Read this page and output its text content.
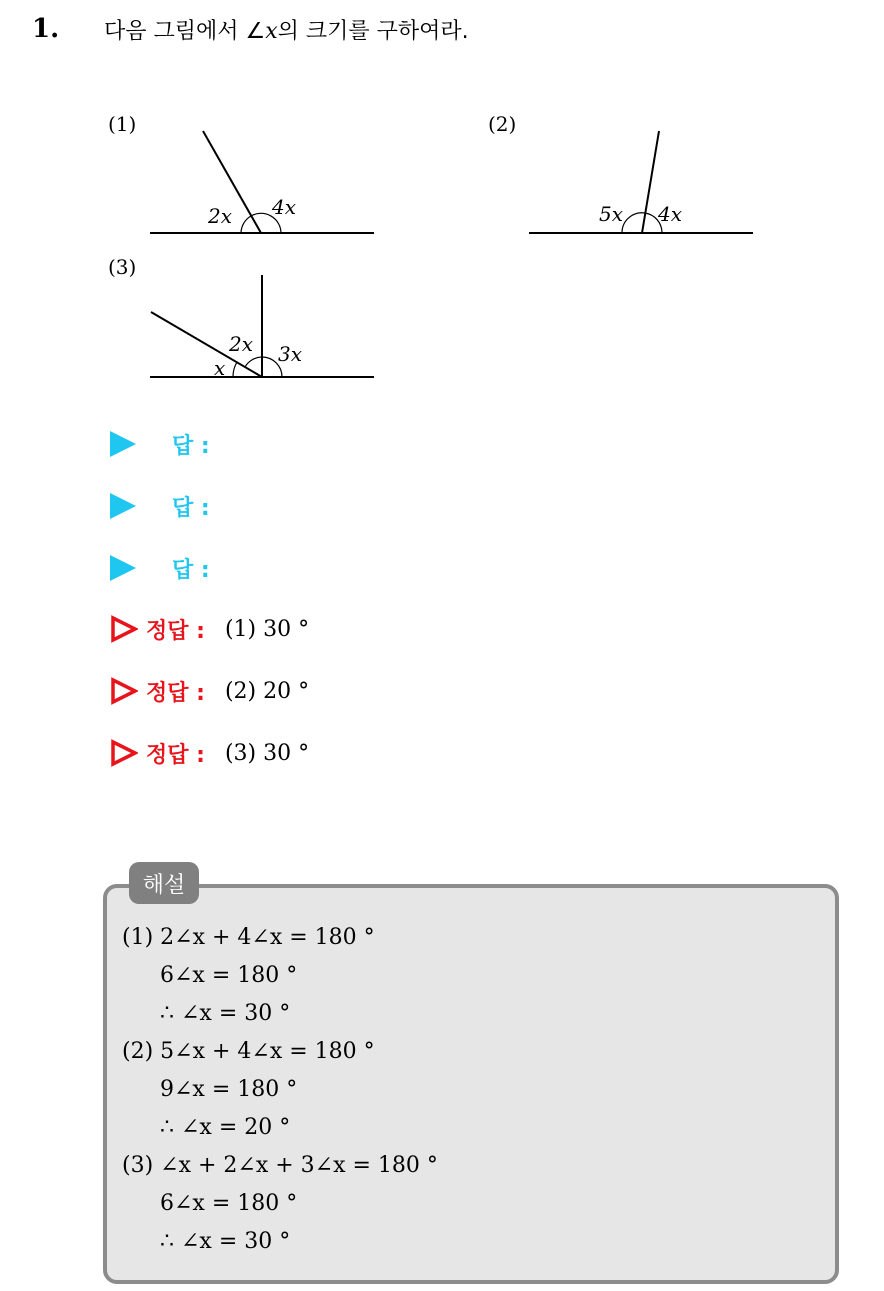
1. 다음 그림에서 ∠x의 크기를 구하여라.
(1)
2x 4x
(2)
5x 4x
(3)
x
2x 3x
답 :
답 :
답 :
정답 : (1) 30 °
정답 : (2) 20 °
정답 : (3) 30 °
해설
(1) 2∠x + 4∠x = 180 °
6∠x = 180 °
∴ ∠x = 30 °
(2) 5∠x + 4∠x = 180 °
9∠x = 180 °
∴ ∠x = 20 °
(3) ∠x + 2∠x + 3∠x = 180 °
6∠x = 180 °
∴ ∠x = 30 °
